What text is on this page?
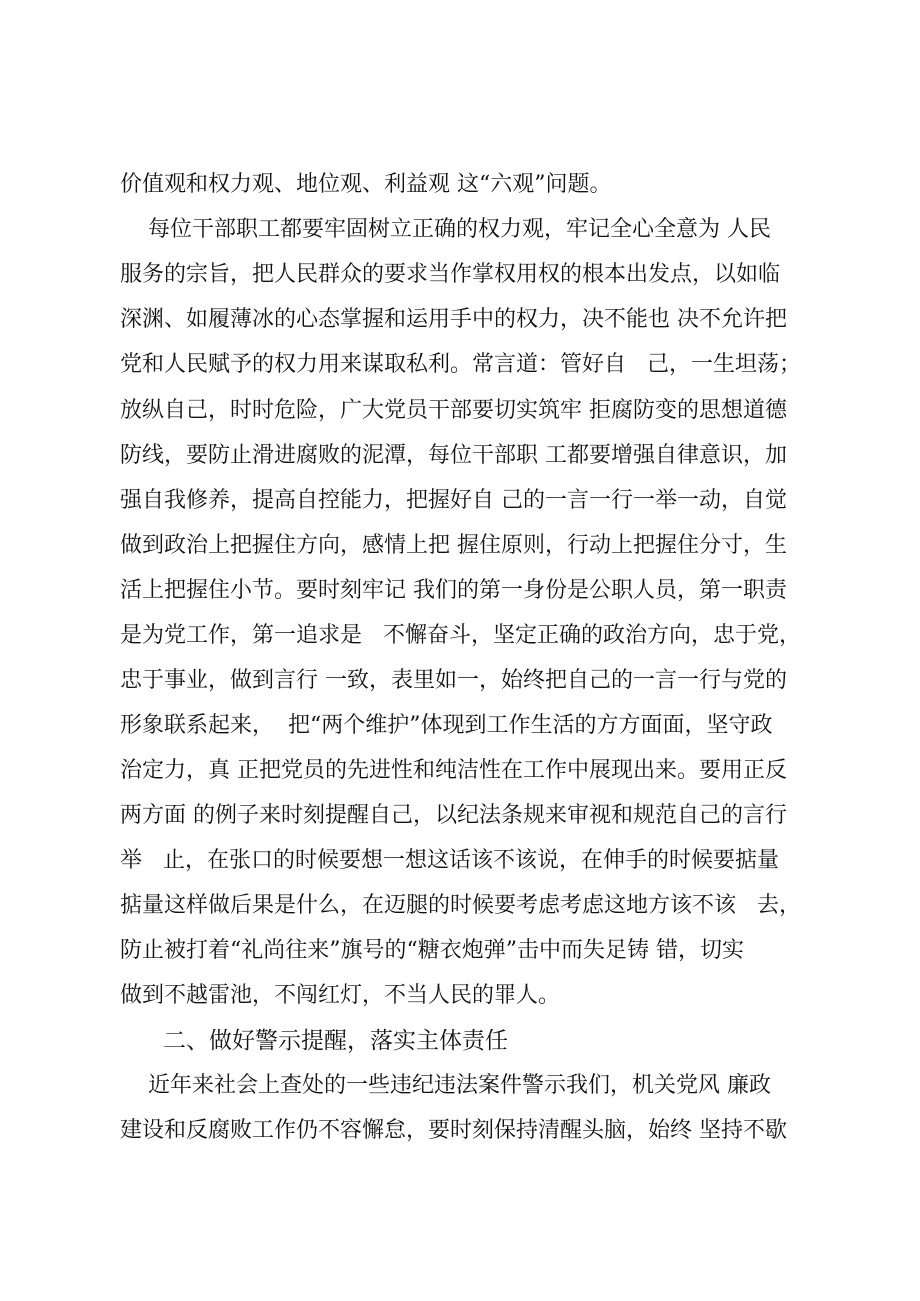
价值观和权力观、地位观、利益观 这“六观”问题。
每位干部职工都要牢固树立正确的权力观，牢记全心全意为 人民
服务的宗旨，把人民群众的要求当作掌权用权的根本出发点，以如临
深渊、如履薄冰的心态掌握和运用手中的权力，决不能也 决不允许把
党和人民赋予的权力用来谋取私利。常言道：管好自   己，一生坦荡；
放纵自己，时时危险，广大党员干部要切实筑牢 拒腐防变的思想道德
防线，要防止滑进腐败的泥潭，每位干部职 工都要增强自律意识，加
强自我修养，提高自控能力，把握好自 己的一言一行一举一动，自觉
做到政治上把握住方向，感情上把 握住原则，行动上把握住分寸，生
活上把握住小节。要时刻牢记 我们的第一身份是公职人员，第一职责
是为党工作，第一追求是   不懈奋斗，坚定正确的政治方向，忠于党，
忠于事业，做到言行 一致，表里如一，始终把自己的一言一行与党的
形象联系起来，  把“两个维护”体现到工作生活的方方面面，坚守政
治定力，真 正把党员的先进性和纯洁性在工作中展现出来。要用正反
两方面 的例子来时刻提醒自己，以纪法条规来审视和规范自己的言行
举   止，在张口的时候要想一想这话该不该说，在伸手的时候要掂量
掂量这样做后果是什么，在迈腿的时候要考虑考虑这地方该不该   去，
防止被打着“礼尚往来”旗号的“糖衣炮弹”击中而失足铸 错，切实
做到不越雷池，不闯红灯，不当人民的罪人。
二、做好警示提醒，落实主体责任
近年来社会上查处的一些违纪违法案件警示我们，机关党风 廉政
建设和反腐败工作仍不容懈怠，要时刻保持清醒头脑，始终 坚持不歇
